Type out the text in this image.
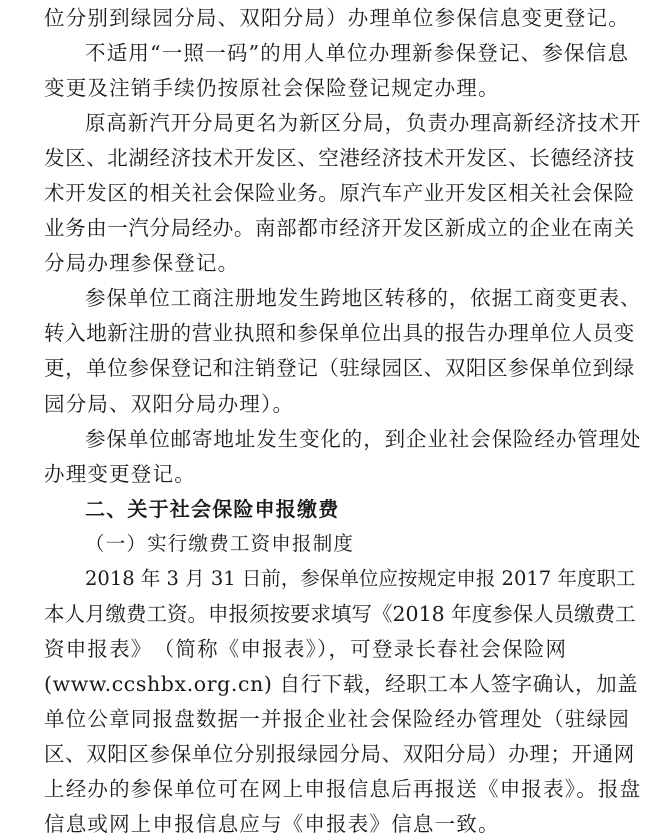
位分别到绿园分局、双阳分局）办理单位参保信息变更登记。
不适用“一照一码”的用人单位办理新参保登记、参保信息
变更及注销手续仍按原社会保险登记规定办理。
原高新汽开分局更名为新区分局，负责办理高新经济技术开
发区、北湖经济技术开发区、空港经济技术开发区、长德经济技
术开发区的相关社会保险业务。原汽车产业开发区相关社会保险
业务由一汽分局经办。南部都市经济开发区新成立的企业在南关
分局办理参保登记。
参保单位工商注册地发生跨地区转移的，依据工商变更表、
转入地新注册的营业执照和参保单位出具的报告办理单位人员变
更，单位参保登记和注销登记（驻绿园区、双阳区参保单位到绿
园分局、双阳分局办理）。
参保单位邮寄地址发生变化的，到企业社会保险经办管理处
办理变更登记。
二、关于社会保险申报缴费
（一）实行缴费工资申报制度
2018 年 3 月 31 日前，参保单位应按规定申报 2017 年度职工
本人月缴费工资。申报须按要求填写《2018 年度参保人员缴费工
资申报表》　（简称《申报表》），可登录长春社会保险网
(www.ccshbx.org.cn) 自行下载，经职工本人签字确认，加盖
单位公章同报盘数据一并报企业社会保险经办管理处（驻绿园
区、双阳区参保单位分别报绿园分局、双阳分局）办理；开通网
上经办的参保单位可在网上申报信息后再报送《申报表》。报盘
信息或网上申报信息应与《申报表》信息一致。
